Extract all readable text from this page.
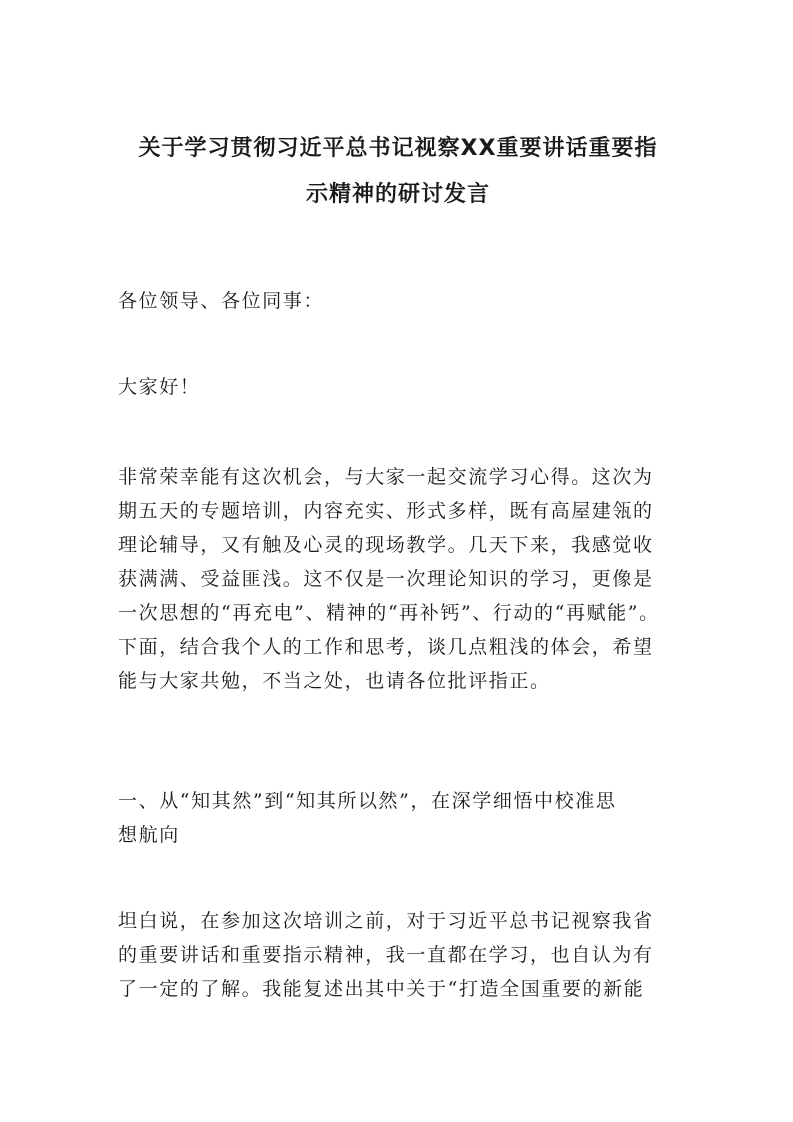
关于学习贯彻习近平总书记视察XX重要讲话重要指
示精神的研讨发言

各位领导、各位同事：

大家好！

非常荣幸能有这次机会，与大家一起交流学习心得。这次为
期五天的专题培训，内容充实、形式多样，既有高屋建瓴的
理论辅导，又有触及心灵的现场教学。几天下来，我感觉收
获满满、受益匪浅。这不仅是一次理论知识的学习，更像是
一次思想的“再充电”、精神的“再补钙”、行动的“再赋能”。
下面，结合我个人的工作和思考，谈几点粗浅的体会，希望
能与大家共勉，不当之处，也请各位批评指正。

一、从“知其然”到“知其所以然”，在深学细悟中校准思
想航向

坦白说，在参加这次培训之前，对于习近平总书记视察我省
的重要讲话和重要指示精神，我一直都在学习，也自认为有
了一定的了解。我能复述出其中关于“打造全国重要的新能
